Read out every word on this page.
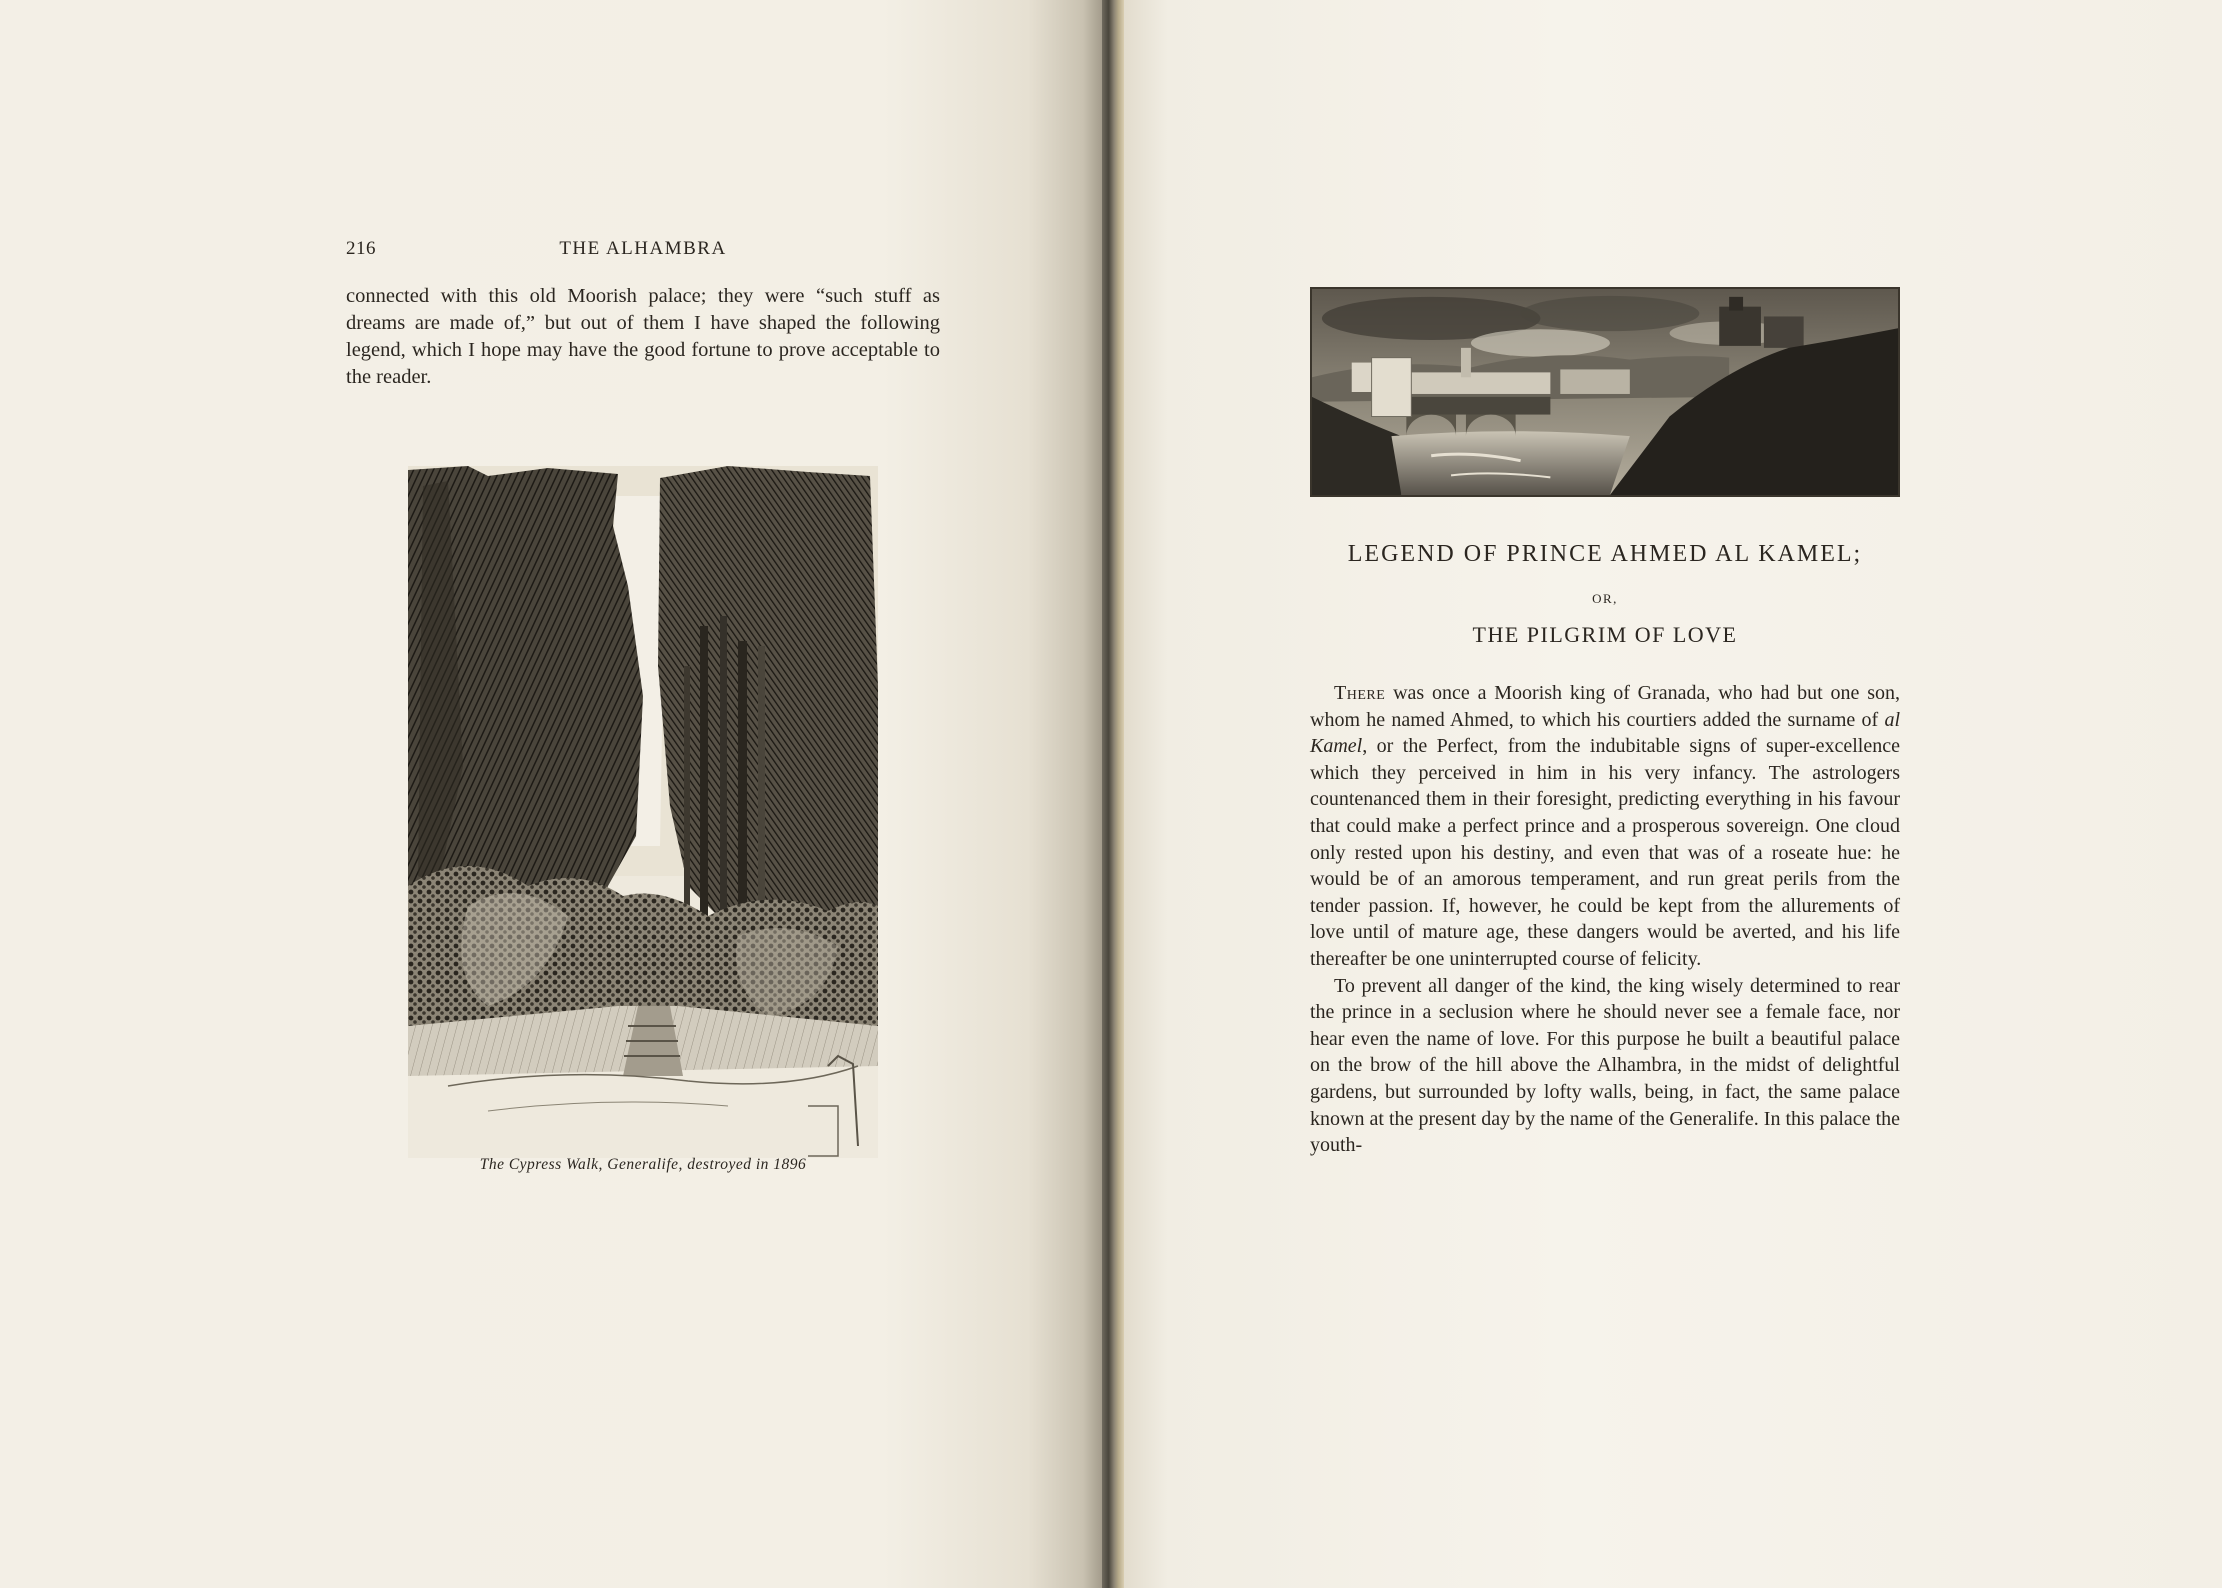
216	THE ALHAMBRA
connected with this old Moorish palace; they were “such stuff as dreams are made of,” but out of them I have shaped the following legend, which I hope may have the good fortune to prove acceptable to the reader.
The Cypress Walk, Generalife, destroyed in 1896
LEGEND OF PRINCE AHMED AL KAMEL;
OR,
THE PILGRIM OF LOVE

There was once a Moorish king of Granada, who had but one son, whom he named Ahmed, to which his courtiers added the surname of al Kamel, or the Perfect, from the indubitable signs of super-excellence which they perceived in him in his very infancy. The astrologers countenanced them in their foresight, predicting everything in his favour that could make a perfect prince and a prosperous sovereign. One cloud only rested upon his destiny, and even that was of a roseate hue: he would be of an amorous temperament, and run great perils from the tender passion. If, however, he could be kept from the allurements of love until of mature age, these dangers would be averted, and his life thereafter be one uninterrupted course of felicity.

To prevent all danger of the kind, the king wisely determined to rear the prince in a seclusion where he should never see a female face, nor hear even the name of love. For this purpose he built a beautiful palace on the brow of the hill above the Alhambra, in the midst of delightful gardens, but surrounded by lofty walls, being, in fact, the same palace known at the present day by the name of the Generalife. In this palace the youth-
